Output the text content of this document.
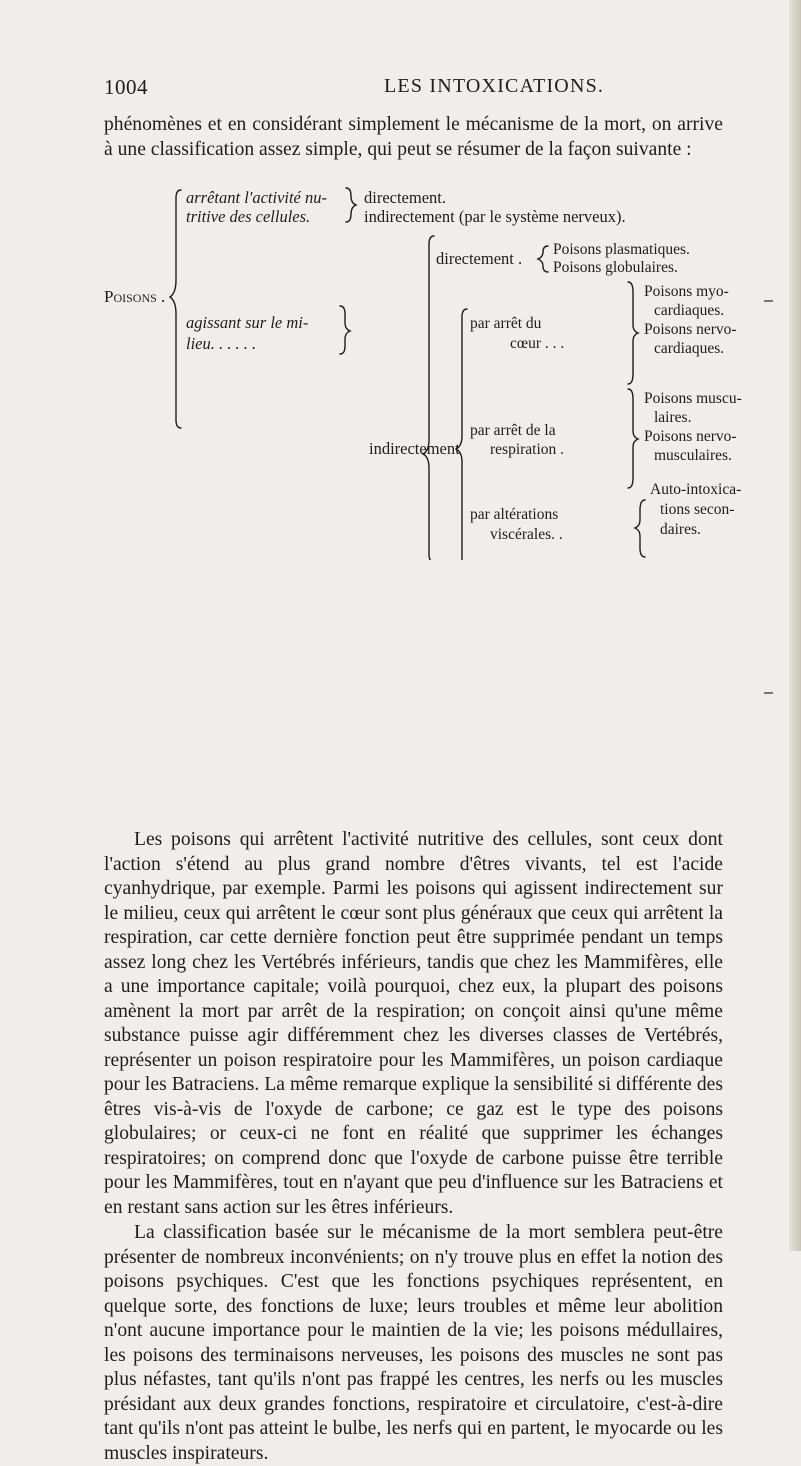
1004	LES INTOXICATIONS.

phénomènes et en considérant simplement le mécanisme de la mort, on arrive à une classification assez simple, qui peut se résumer de la façon suivante :

Poisons .
arrêtant l'activité nu-
tritive des cellules.
directement.
indirectement (par le système nerveux).
agissant sur le mi-
lieu. . . . . .
directement . Poisons plasmatiques.
Poisons globulaires.
indirectement
par arrêt du
cœur . . .
Poisons myo-
cardiaques.
Poisons nervo-
cardiaques.
par arrêt de la
respiration .
Poisons muscu-
laires.
Poisons nervo-
musculaires.
par altérations
viscérales. .
Auto-intoxica-
tions secon-
daires.

Les poisons qui arrêtent l'activité nutritive des cellules, sont ceux dont l'action s'étend au plus grand nombre d'êtres vivants, tel est l'acide cyanhydrique, par exemple. Parmi les poisons qui agissent indirectement sur le milieu, ceux qui arrêtent le cœur sont plus généraux que ceux qui arrêtent la respiration, car cette dernière fonction peut être supprimée pendant un temps assez long chez les Vertébrés inférieurs, tandis que chez les Mammifères, elle a une importance capitale; voilà pourquoi, chez eux, la plupart des poisons amènent la mort par arrêt de la respiration; on conçoit ainsi qu'une même substance puisse agir différemment chez les diverses classes de Vertébrés, représenter un poison respiratoire pour les Mammifères, un poison cardiaque pour les Batraciens. La même remarque explique la sensibilité si différente des êtres vis-à-vis de l'oxyde de carbone; ce gaz est le type des poisons globulaires; or ceux-ci ne font en réalité que supprimer les échanges respiratoires; on comprend donc que l'oxyde de carbone puisse être terrible pour les Mammifères, tout en n'ayant que peu d'influence sur les Batraciens et en restant sans action sur les êtres inférieurs.

La classification basée sur le mécanisme de la mort semblera peut-être présenter de nombreux inconvénients; on n'y trouve plus en effet la notion des poisons psychiques. C'est que les fonctions psychiques représentent, en quelque sorte, des fonctions de luxe; leurs troubles et même leur abolition n'ont aucune importance pour le maintien de la vie; les poisons médullaires, les poisons des terminaisons nerveuses, les poisons des muscles ne sont pas plus néfastes, tant qu'ils n'ont pas frappé les centres, les nerfs ou les muscles présidant aux deux grandes fonctions, respiratoire et circulatoire, c'est-à-dire tant qu'ils n'ont pas atteint le bulbe, les nerfs qui en partent, le myocarde ou les muscles inspirateurs.
